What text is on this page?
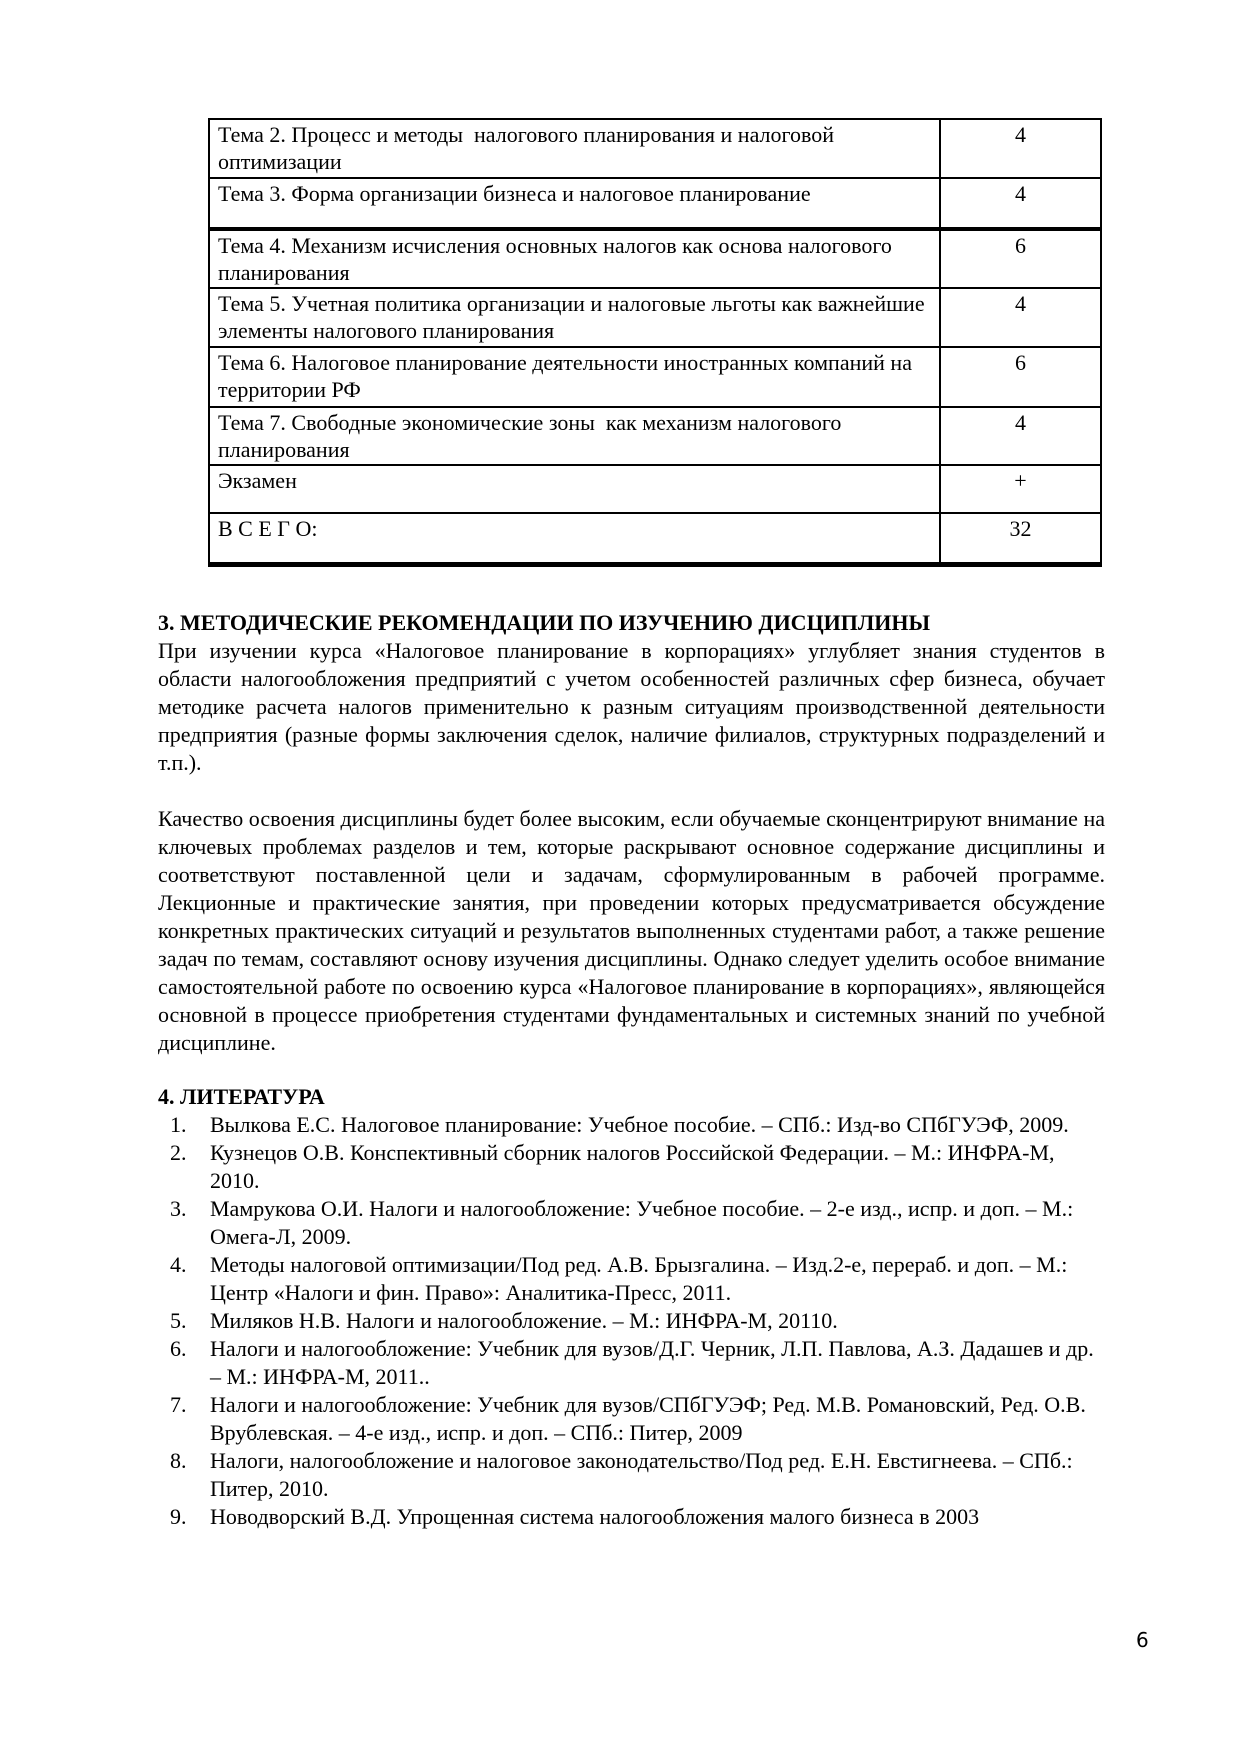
Тема 2. Процесс и методы  налогового планирования и налоговой оптимизации	4
Тема 3. Форма организации бизнеса и налоговое планирование	4
Тема 4. Механизм исчисления основных налогов как основа налогового планирования	6
Тема 5. Учетная политика организации и налоговые льготы как важнейшие элементы налогового планирования	4
Тема 6. Налоговое планирование деятельности иностранных компаний на территории РФ	6
Тема 7. Свободные экономические зоны  как механизм налогового планирования	4
Экзамен	+
В С Е Г О:	32
3. МЕТОДИЧЕСКИЕ РЕКОМЕНДАЦИИ ПО ИЗУЧЕНИЮ ДИСЦИПЛИНЫ

При изучении курса «Налоговое планирование в корпорациях» углубляет знания студентов в области налогообложения предприятий с учетом особенностей различных сфер бизнеса, обучает методике расчета налогов применительно к разным ситуациям производственной деятельности предприятия (разные формы заключения сделок, наличие филиалов, структурных подразделений и т.п.).

Качество освоения дисциплины будет более высоким, если обучаемые сконцентрируют внимание на ключевых проблемах разделов и тем, которые раскрывают основное содержание дисциплины и соответствуют поставленной цели и задачам, сформулированным в рабочей программе. Лекционные и практические занятия, при проведении которых предусматривается обсуждение конкретных практических ситуаций и результатов выполненных студентами работ, а также решение задач по темам, составляют основу изучения дисциплины. Однако следует уделить особое внимание самостоятельной работе по освоению курса «Налоговое планирование в корпорациях», являющейся основной в процессе приобретения студентами фундаментальных и системных знаний по учебной дисциплине.

4. ЛИТЕРАТУРА
1. Вылкова Е.С. Налоговое планирование: Учебное пособие. – СПб.: Изд-во СПбГУЭФ, 2009.
2. Кузнецов О.В. Конспективный сборник налогов Российской Федерации. – М.: ИНФРА-М, 2010.
3. Мамрукова О.И. Налоги и налогообложение: Учебное пособие. – 2-е изд., испр. и доп. – М.: Омега-Л, 2009.
4. Методы налоговой оптимизации/Под ред. А.В. Брызгалина. – Изд.2-е, перераб. и доп. – М.: Центр «Налоги и фин. Право»: Аналитика-Пресс, 2011.
5. Миляков Н.В. Налоги и налогообложение. – М.: ИНФРА-М, 20110.
6. Налоги и налогообложение: Учебник для вузов/Д.Г. Черник, Л.П. Павлова, А.З. Дадашев и др. – М.: ИНФРА-М, 2011..
7. Налоги и налогообложение: Учебник для вузов/СПбГУЭФ; Ред. М.В. Романовский, Ред. О.В. Врублевская. – 4-е изд., испр. и доп. – СПб.: Питер, 2009
8. Налоги, налогообложение и налоговое законодательство/Под ред. Е.Н. Евстигнеева. – СПб.: Питер, 2010.
9. Новодворский В.Д. Упрощенная система налогообложения малого бизнеса в 2003
6
